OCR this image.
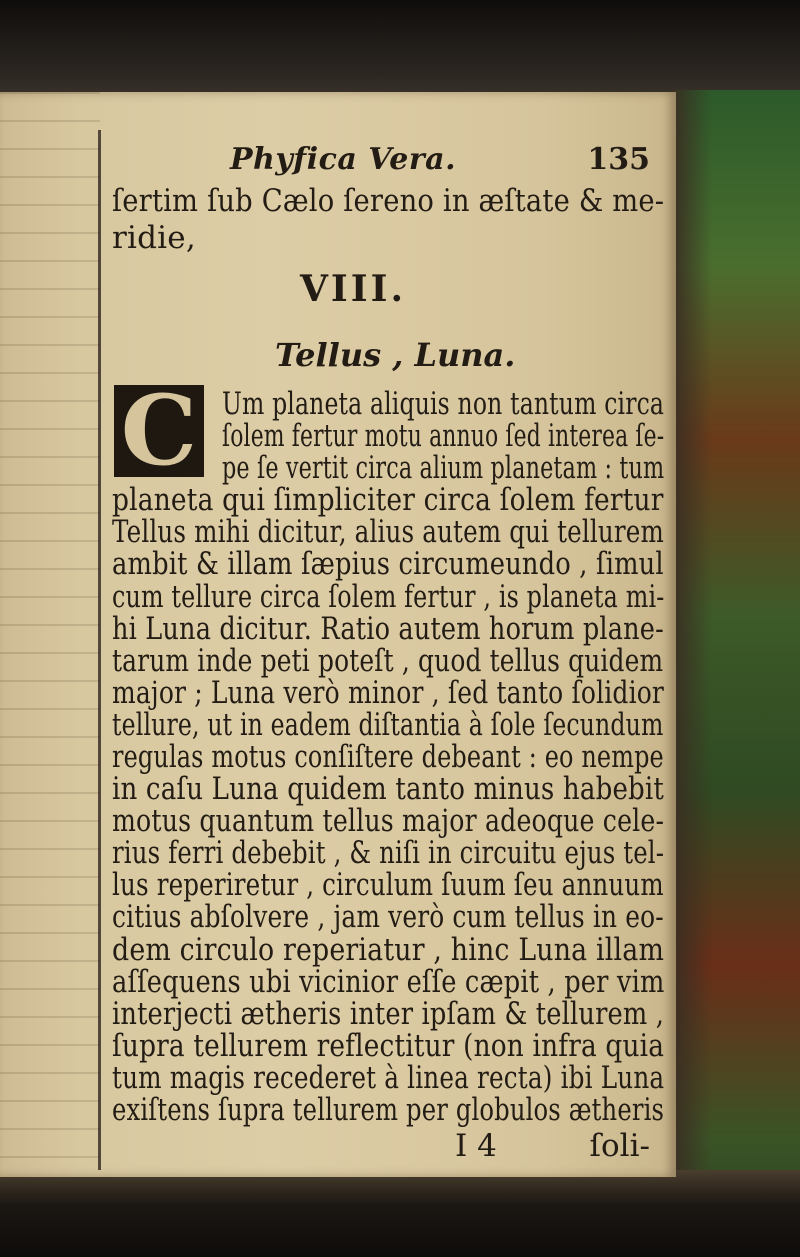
Phyfica Vera.	135
ſertim ſub Cælo ſereno in æſtate & me-
ridie,
VIII.
Tellus , Luna.
C Um planeta aliquis non tantum circa
ſolem fertur motu annuo ſed interea ſe-
pe ſe vertit circa alium planetam : tum
planeta qui ſimpliciter circa ſolem fertur
Tellus mihi dicitur, alius autem qui tellurem
ambit & illam ſæpius circumeundo , ſimul
cum tellure circa ſolem fertur , is planeta mi-
hi Luna dicitur. Ratio autem horum plane-
tarum inde peti poteſt , quod tellus quidem
major ; Luna verò minor , ſed tanto ſolidior
tellure, ut in eadem diſtantia à ſole ſecundum
regulas motus conſiſtere debeant : eo nempe
in caſu Luna quidem tanto minus habebit
motus quantum tellus major adeoque cele-
rius ferri debebit , & niſi in circuitu ejus tel-
lus reperiretur , circulum ſuum ſeu annuum
citius abſolvere , jam verò cum tellus in eo-
dem circulo reperiatur , hinc Luna illam
aſſequens ubi vicinior eſſe cæpit , per vim
interjecti ætheris inter ipſam & tellurem ,
ſupra tellurem reflectitur (non infra quia
tum magis recederet à linea recta) ibi Luna
exiſtens ſupra tellurem per globulos ætheris
I 4	ſoli-
